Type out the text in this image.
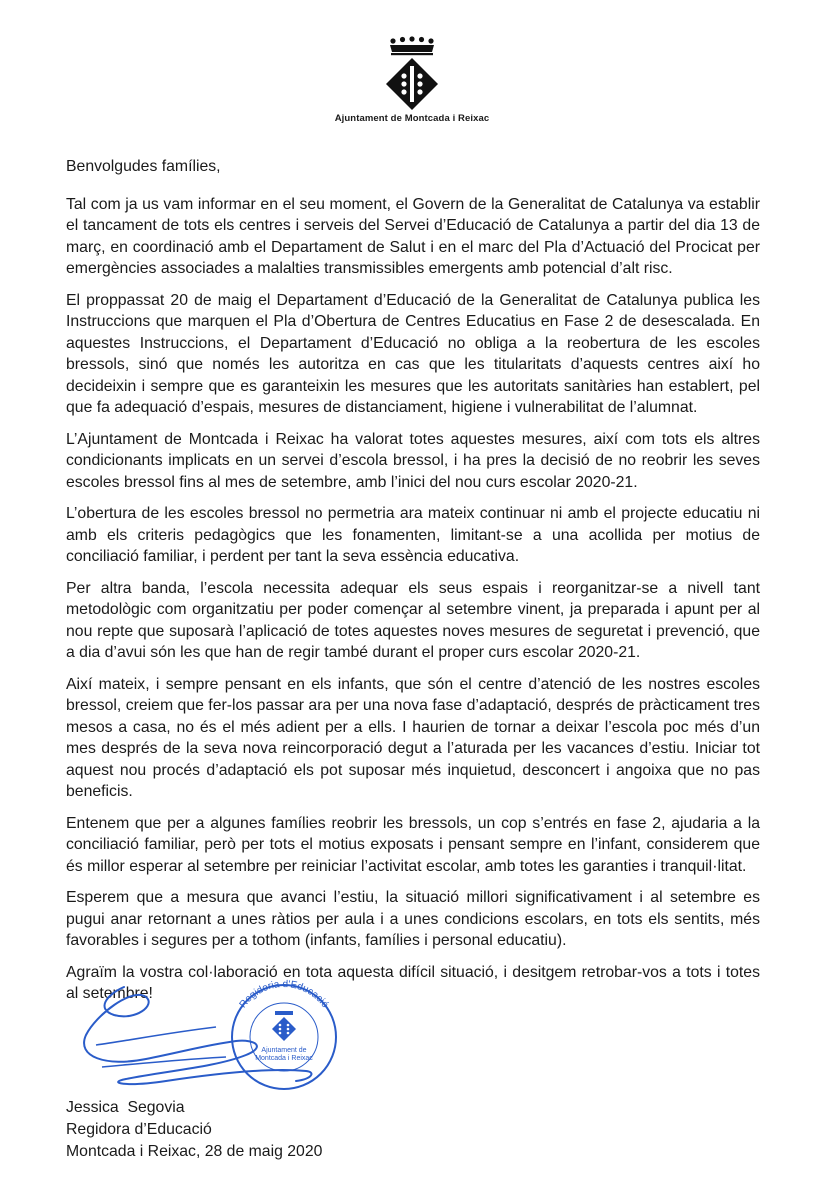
Ajuntament de Montcada i Reixac

Benvolgudes famílies,

Tal com ja us vam informar en el seu moment, el Govern de la Generalitat de Catalunya va establir el tancament de tots els centres i serveis del Servei d’Educació de Catalunya a partir del dia 13 de març, en coordinació amb el Departament de Salut i en el marc del Pla d’Actuació del Procicat per emergències associades a malalties transmissibles emergents amb potencial d’alt risc.

El proppassat 20 de maig el Departament d’Educació de la Generalitat de Catalunya publica les Instruccions que marquen el Pla d’Obertura de Centres Educatius en Fase 2 de desescalada. En aquestes Instruccions, el Departament d’Educació no obliga a la reobertura de les escoles bressols, sinó que només les autoritza en cas que les titularitats d’aquests centres així ho decideixin i sempre que es garanteixin les mesures que les autoritats sanitàries han establert, pel que fa adequació d’espais, mesures de distanciament, higiene i vulnerabilitat de l’alumnat.

L’Ajuntament de Montcada i Reixac ha valorat totes aquestes mesures, així com tots els altres condicionants implicats en un servei d’escola bressol, i ha pres la decisió de no reobrir les seves escoles bressol fins al mes de setembre, amb l’inici del nou curs escolar 2020-21.

L’obertura de les escoles bressol no permetria ara mateix continuar ni amb el projecte educatiu ni amb els criteris pedagògics que les fonamenten, limitant-se a una acollida per motius de conciliació familiar, i perdent per tant la seva essència educativa.

Per altra banda, l’escola necessita adequar els seus espais i reorganitzar-se a nivell tant metodològic com organitzatiu per poder començar al setembre vinent, ja preparada i apunt per al nou repte que suposarà l’aplicació de totes aquestes noves mesures de seguretat i prevenció, que a dia d’avui són les que han de regir també durant el proper curs escolar 2020-21.

Així mateix, i sempre pensant en els infants, que són el centre d’atenció de les nostres escoles bressol, creiem que fer-los passar ara per una nova fase d’adaptació, després de pràcticament tres mesos a casa, no és el més adient per a ells. I haurien de tornar a deixar l’escola poc més d’un mes després de la seva nova reincorporació degut a l’aturada per les vacances d’estiu. Iniciar tot aquest nou procés d’adaptació els pot suposar més inquietud, desconcert i angoixa que no pas beneficis.

Entenem que per a algunes famílies reobrir les bressols, un cop s’entrés en fase 2, ajudaria a la conciliació familiar, però per tots el motius exposats i pensant sempre en l’infant, considerem que és millor esperar al setembre per reiniciar l’activitat escolar, amb totes les garanties i tranquil·litat.

Esperem que a mesura que avanci l’estiu, la situació millori significativament i al setembre es pugui anar retornant a unes ràtios per aula i a unes condicions escolars, en tots els sentits, més favorables i segures per a tothom (infants, famílies i personal educatiu).

Agraïm la vostra col·laboració en tota aquesta difícil situació, i desitgem retrobar-vos a tots i totes al setembre!

Regidoria d'Educació
Ajuntament de
Montcada i Reixac
Jessica  Segovia
Regidora d’Educació
Montcada i Reixac, 28 de maig 2020
